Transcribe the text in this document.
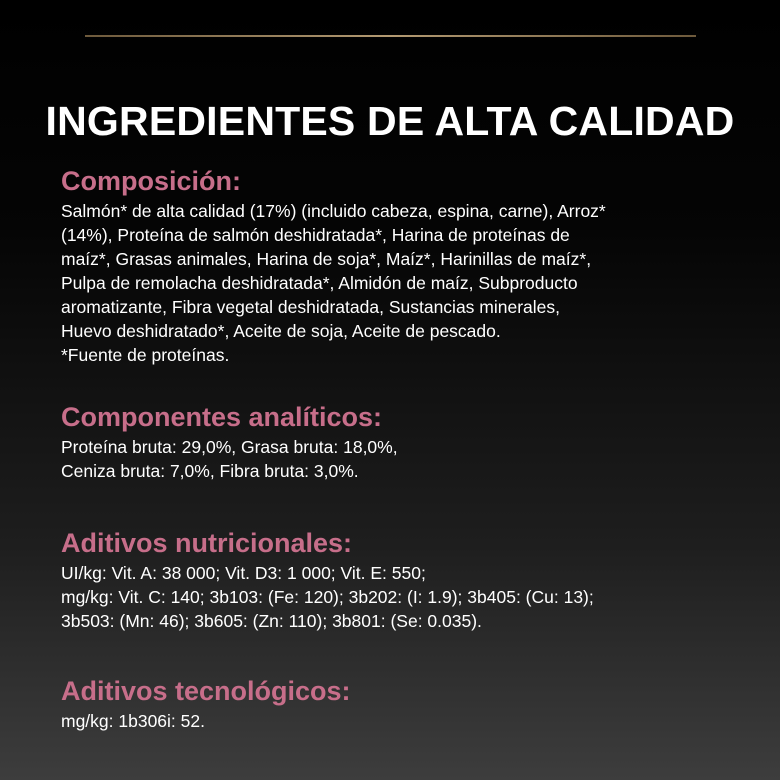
INGREDIENTES DE ALTA CALIDAD
Composición:

Salmón* de alta calidad (17%) (incluido cabeza, espina, carne), Arroz*
(14%), Proteína de salmón deshidratada*, Harina de proteínas de
maíz*, Grasas animales, Harina de soja*, Maíz*, Harinillas de maíz*,
Pulpa de remolacha deshidratada*, Almidón de maíz, Subproducto
aromatizante, Fibra vegetal deshidratada, Sustancias minerales,
Huevo deshidratado*, Aceite de soja, Aceite de pescado.
*Fuente de proteínas.

Componentes analíticos:

Proteína bruta: 29,0%, Grasa bruta: 18,0%,
Ceniza bruta: 7,0%, Fibra bruta: 3,0%.

Aditivos nutricionales:

UI/kg: Vit. A: 38 000; Vit. D3: 1 000; Vit. E: 550;
mg/kg: Vit. C: 140; 3b103: (Fe: 120); 3b202: (I: 1.9); 3b405: (Cu: 13);
3b503: (Mn: 46); 3b605: (Zn: 110); 3b801: (Se: 0.035).

Aditivos tecnológicos:

mg/kg: 1b306i: 52.
